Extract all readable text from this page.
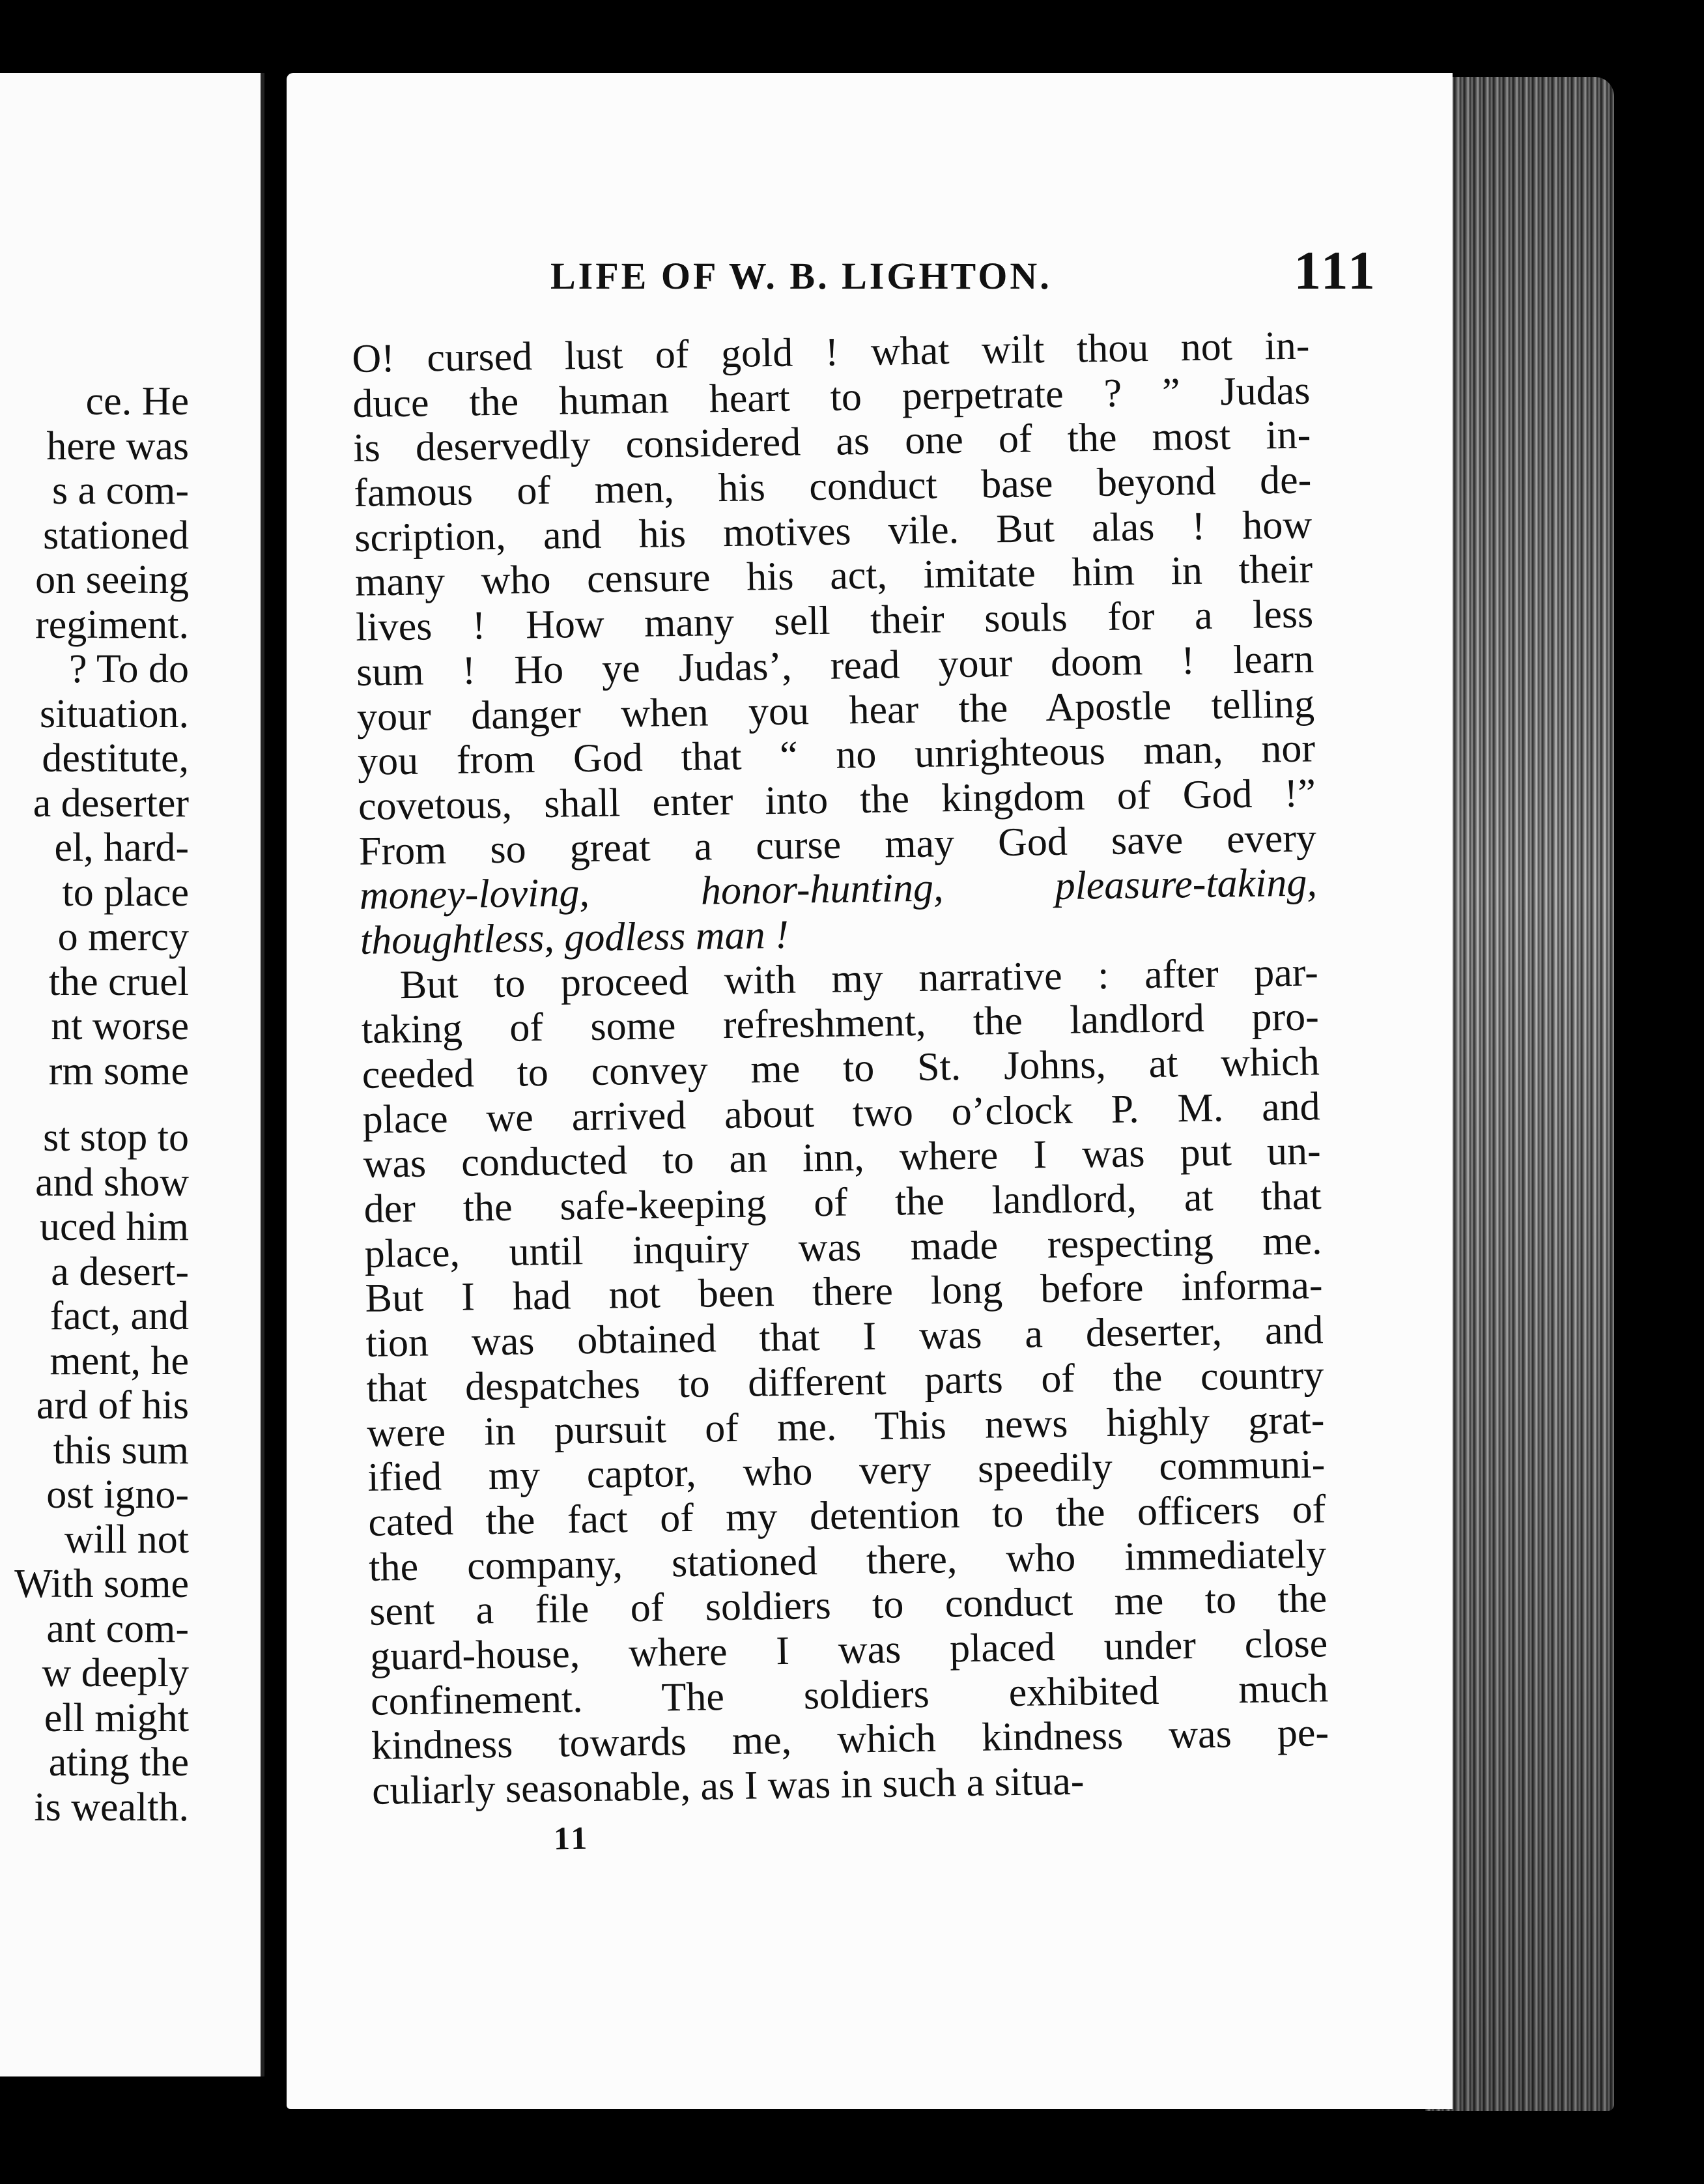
ce. He
here was
s a com-
stationed
on seeing
regiment.
? To do
situation.
destitute,
a deserter
el, hard-
to place
o mercy
the cruel
nt worse
rm some
st stop to
and show
uced him
a desert-
fact, and
ment, he
ard of his
this sum
ost igno-
will not
With some
ant com-
w deeply
ell might
ating the
is wealth.
LIFE OF W. B. LIGHTON.	111
O! cursed lust of gold ! what wilt thou not in-
duce the human heart to perpetrate ? ” Judas
is deservedly considered as one of the most in-
famous of men, his conduct base beyond de-
scription, and his motives vile. But alas ! how
many who censure his act, imitate him in their
lives ! How many sell their souls for a less
sum ! Ho ye Judas’, read your doom ! learn
your danger when you hear the Apostle telling
you from God that “ no unrighteous man, nor
covetous, shall enter into the kingdom of God !”
From so great a curse may God save every
money-loving, honor-hunting, pleasure-taking,
thoughtless, godless man !
But to proceed with my narrative : after par-
taking of some refreshment, the landlord pro-
ceeded to convey me to St. Johns, at which
place we arrived about two o’clock P. M. and
was conducted to an inn, where I was put un-
der the safe-keeping of the landlord, at that
place, until inquiry was made respecting me.
But I had not been there long before informa-
tion was obtained that I was a deserter, and
that despatches to different parts of the country
were in pursuit of me. This news highly grat-
ified my captor, who very speedily communi-
cated the fact of my detention to the officers of
the company, stationed there, who immediately
sent a file of soldiers to conduct me to the
guard-house, where I was placed under close
confinement. The soldiers exhibited much
kindness towards me, which kindness was pe-
culiarly seasonable, as I was in such a situa-
11
